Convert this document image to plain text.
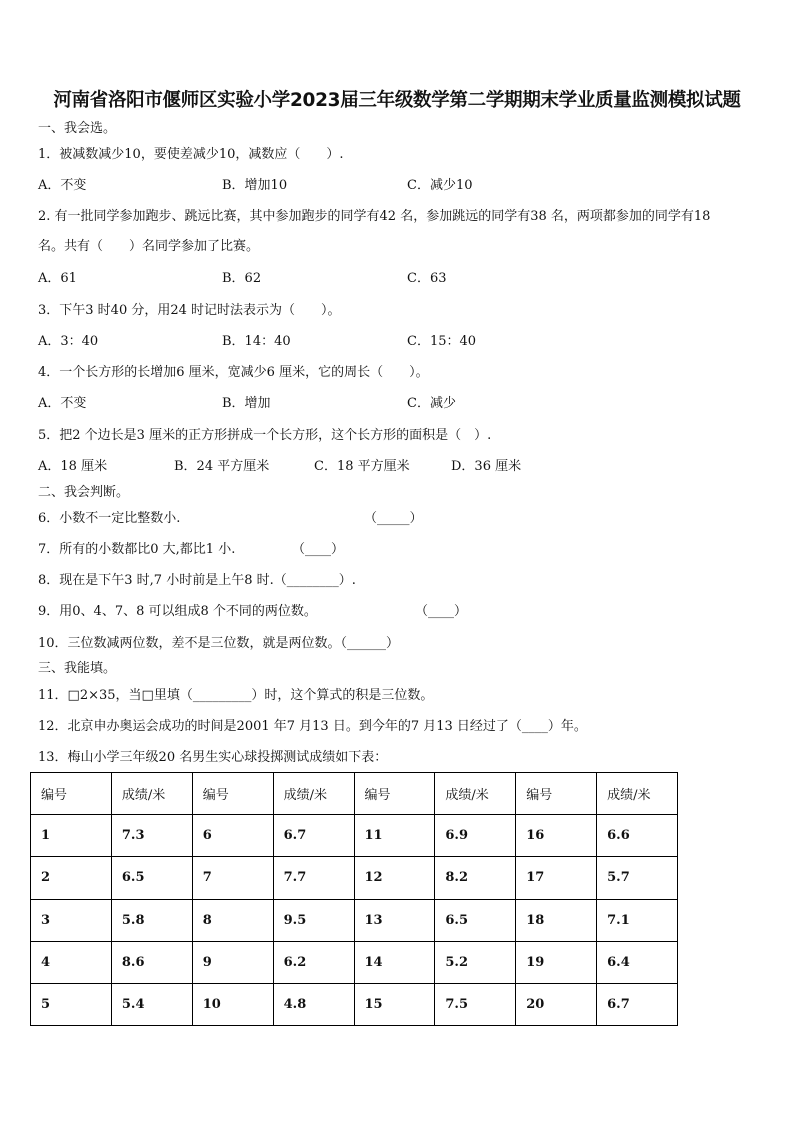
河南省洛阳市偃师区实验小学2023届三年级数学第二学期期末学业质量监测模拟试题
一、我会选。
1．被减数减少10，要使差减少10，减数应（　　）.
A．不变	B．增加10	C．减少10
2. 有一批同学参加跑步、跳远比赛，其中参加跑步的同学有42 名，参加跳远的同学有38 名，两项都参加的同学有18
名。共有（　　）名同学参加了比赛。
A．61	B．62	C．63
3．下午3 时40 分，用24 时记时法表示为（　　）。
A．3：40	B．14：40	C．15：40
4．一个长方形的长增加6 厘米，宽减少6 厘米，它的周长（　　）。
A．不变	B．增加	C．减少
5．把2 个边长是3 厘米的正方形拼成一个长方形，这个长方形的面积是（　）.
A．18 厘米	B．24 平方厘米	C．18 平方厘米	D．36 厘米
二、我会判断。
6．小数不一定比整数小.	（_____）
7．所有的小数都比0 大,都比1 小.	（____）
8．现在是下午3 时,7 小时前是上午8 时.（________）.
9．用0、4、7、8 可以组成8 个不同的两位数。	（____）
10．三位数减两位数，差不是三位数，就是两位数。（______）
三、我能填。
11．□2×35，当□里填（_________）时，这个算式的积是三位数。
12．北京申办奥运会成功的时间是2001 年7 月13 日。到今年的7 月13 日经过了（____）年。
13．梅山小学三年级20 名男生实心球投掷测试成绩如下表：
编号	成绩/米	编号	成绩/米	编号	成绩/米	编号	成绩/米
1	7.3	6	6.7	11	6.9	16	6.6
2	6.5	7	7.7	12	8.2	17	5.7
3	5.8	8	9.5	13	6.5	18	7.1
4	8.6	9	6.2	14	5.2	19	6.4
5	5.4	10	4.8	15	7.5	20	6.7
